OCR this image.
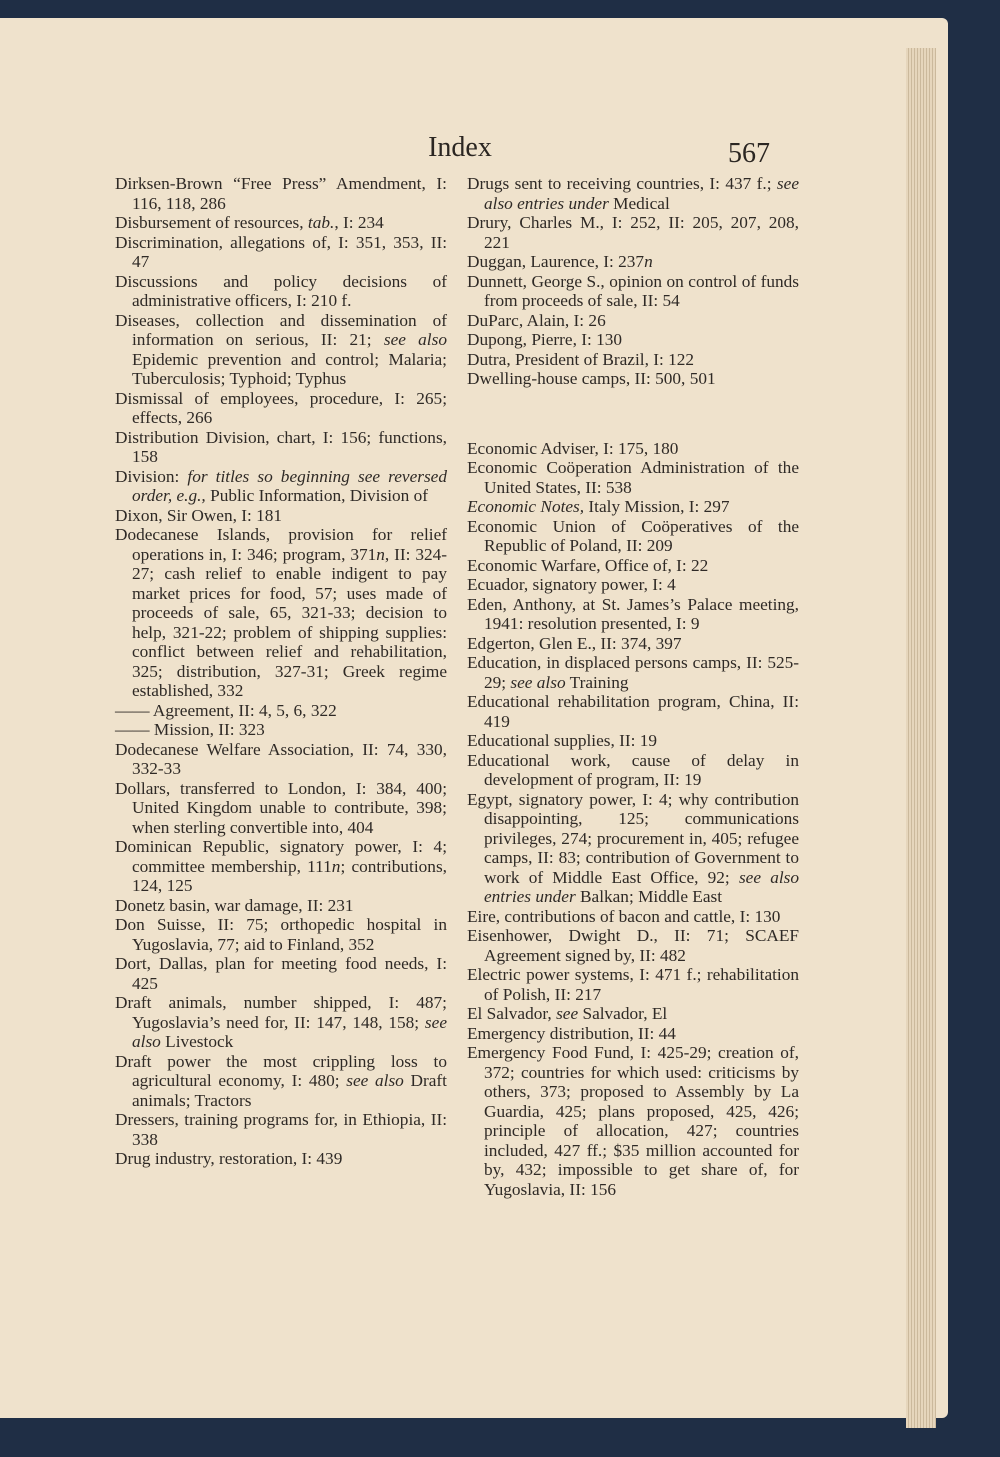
Index	567
Dirksen-Brown “Free Press” Amendment, I: 116, 118, 286
Disbursement of resources, tab., I: 234
Discrimination, allegations of, I: 351, 353, II: 47
Discussions and policy decisions of administrative officers, I: 210 f.
Diseases, collection and dissemination of information on serious, II: 21; see also Epidemic prevention and control; Malaria; Tuberculosis; Typhoid; Typhus
Dismissal of employees, procedure, I: 265; effects, 266
Distribution Division, chart, I: 156; functions, 158
Division: for titles so beginning see reversed order, e.g., Public Information, Division of
Dixon, Sir Owen, I: 181
Dodecanese Islands, provision for relief operations in, I: 346; program, 371n, II: 324-27; cash relief to enable indigent to pay market prices for food, 57; uses made of proceeds of sale, 65, 321-33; decision to help, 321-22; problem of shipping supplies: conflict between relief and rehabilitation, 325; distribution, 327-31; Greek regime established, 332
—— Agreement, II: 4, 5, 6, 322
—— Mission, II: 323
Dodecanese Welfare Association, II: 74, 330, 332-33
Dollars, transferred to London, I: 384, 400; United Kingdom unable to contribute, 398; when sterling convertible into, 404
Dominican Republic, signatory power, I: 4; committee membership, 111n; contributions, 124, 125
Donetz basin, war damage, II: 231
Don Suisse, II: 75; orthopedic hospital in Yugoslavia, 77; aid to Finland, 352
Dort, Dallas, plan for meeting food needs, I: 425
Draft animals, number shipped, I: 487; Yugoslavia’s need for, II: 147, 148, 158; see also Livestock
Draft power the most crippling loss to agricultural economy, I: 480; see also Draft animals; Tractors
Dressers, training programs for, in Ethiopia, II: 338
Drug industry, restoration, I: 439
Drugs sent to receiving countries, I: 437 f.; see also entries under Medical
Drury, Charles M., I: 252, II: 205, 207, 208, 221
Duggan, Laurence, I: 237n
Dunnett, George S., opinion on control of funds from proceeds of sale, II: 54
DuParc, Alain, I: 26
Dupong, Pierre, I: 130
Dutra, President of Brazil, I: 122
Dwelling-house camps, II: 500, 501
Economic Adviser, I: 175, 180
Economic Coöperation Administration of the United States, II: 538
Economic Notes, Italy Mission, I: 297
Economic Union of Coöperatives of the Republic of Poland, II: 209
Economic Warfare, Office of, I: 22
Ecuador, signatory power, I: 4
Eden, Anthony, at St. James’s Palace meeting, 1941: resolution presented, I: 9
Edgerton, Glen E., II: 374, 397
Education, in displaced persons camps, II: 525-29; see also Training
Educational rehabilitation program, China, II: 419
Educational supplies, II: 19
Educational work, cause of delay in development of program, II: 19
Egypt, signatory power, I: 4; why contribution disappointing, 125; communications privileges, 274; procurement in, 405; refugee camps, II: 83; contribution of Government to work of Middle East Office, 92; see also entries under Balkan; Middle East
Eire, contributions of bacon and cattle, I: 130
Eisenhower, Dwight D., II: 71; SCAEF Agreement signed by, II: 482
Electric power systems, I: 471 f.; rehabilitation of Polish, II: 217
El Salvador, see Salvador, El
Emergency distribution, II: 44
Emergency Food Fund, I: 425-29; creation of, 372; countries for which used: criticisms by others, 373; proposed to Assembly by La Guardia, 425; plans proposed, 425, 426; principle of allocation, 427; countries included, 427 ff.; $35 million accounted for by, 432; impossible to get share of, for Yugoslavia, II: 156
